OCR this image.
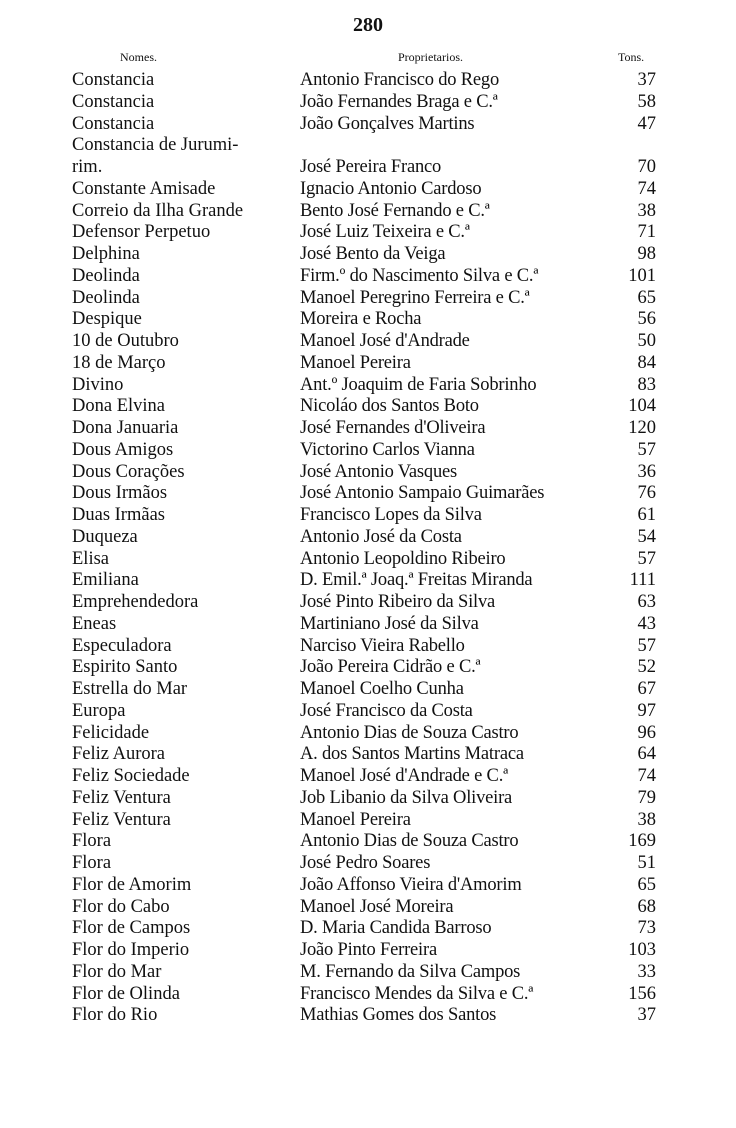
280
Nomes.	Proprietarios.	Tons.
Constancia	Antonio Francisco do Rego	37
Constancia	João Fernandes Braga e C.ª	58
Constancia	João Gonçalves Martins	47
Constancia de Jurumi-
rim.	José Pereira Franco	70
Constante Amisade	Ignacio Antonio Cardoso	74
Correio da Ilha Grande	Bento José Fernando e C.ª	38
Defensor Perpetuo	José Luiz Teixeira e C.ª	71
Delphina	José Bento da Veiga	98
Deolinda	Firm.º do Nascimento Silva e C.ª	101
Deolinda	Manoel Peregrino Ferreira e C.ª	65
Despique	Moreira e Rocha	56
10 de Outubro	Manoel José d'Andrade	50
18 de Março	Manoel Pereira	84
Divino	Ant.º Joaquim de Faria Sobrinho	83
Dona Elvina	Nicoláo dos Santos Boto	104
Dona Januaria	José Fernandes d'Oliveira	120
Dous Amigos	Victorino Carlos Vianna	57
Dous Corações	José Antonio Vasques	36
Dous Irmãos	José Antonio Sampaio Guimarães	76
Duas Irmãas	Francisco Lopes da Silva	61
Duqueza	Antonio José da Costa	54
Elisa	Antonio Leopoldino Ribeiro	57
Emiliana	D. Emil.ª Joaq.ª Freitas Miranda	111
Emprehendedora	José Pinto Ribeiro da Silva	63
Eneas	Martiniano José da Silva	43
Especuladora	Narciso Vieira Rabello	57
Espirito Santo	João Pereira Cidrão e C.ª	52
Estrella do Mar	Manoel Coelho Cunha	67
Europa	José Francisco da Costa	97
Felicidade	Antonio Dias de Souza Castro	96
Feliz Aurora	A. dos Santos Martins Matraca	64
Feliz Sociedade	Manoel José d'Andrade e C.ª	74
Feliz Ventura	Job Libanio da Silva Oliveira	79
Feliz Ventura	Manoel Pereira	38
Flora	Antonio Dias de Souza Castro	169
Flora	José Pedro Soares	51
Flor de Amorim	João Affonso Vieira d'Amorim	65
Flor do Cabo	Manoel José Moreira	68
Flor de Campos	D. Maria Candida Barroso	73
Flor do Imperio	João Pinto Ferreira	103
Flor do Mar	M. Fernando da Silva Campos	33
Flor de Olinda	Francisco Mendes da Silva e C.ª	156
Flor do Rio	Mathias Gomes dos Santos	37
